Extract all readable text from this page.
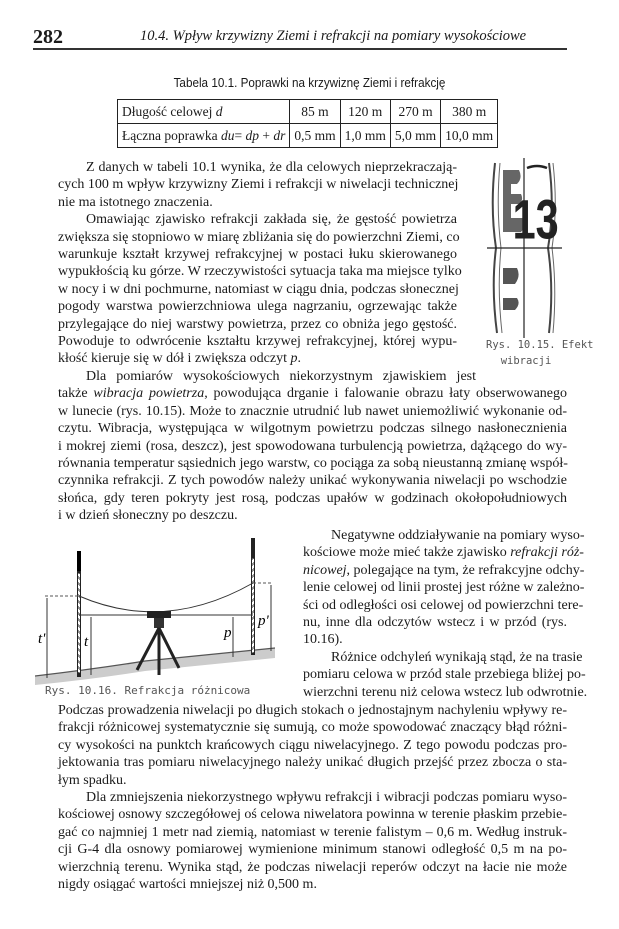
282	10.4. Wpływ krzywizny Ziemi i refrakcji na pomiary wysokościowe
Tabela 10.1. Poprawki na krzywiznę Ziemi i refrakcję
Długość celowej d	85 m	120 m	270 m	380 m
Łączna poprawka du= dp + dr	0,5 mm	1,0 mm	5,0 mm	10,0 mm
Z danych w tabeli 10.1 wynika, że dla celowych nieprzekraczają-
cych 100 m wpływ krzywizny Ziemi i refrakcji w niwelacji technicznej
nie ma istotnego znaczenia.
Omawiając zjawisko refrakcji zakłada się, że gęstość powietrza
zwiększa się stopniowo w miarę zbliżania się do powierzchni Ziemi, co
warunkuje kształt krzywej refrakcyjnej w postaci łuku skierowanego
wypukłością ku górze. W rzeczywistości sytuacja taka ma miejsce tylko
w nocy i w dni pochmurne, natomiast w ciągu dnia, podczas słonecznej
pogody warstwa powierzchniowa ulega nagrzaniu, ogrzewając także
przylegające do niej warstwy powietrza, przez co obniża jego gęstość.
Powoduje to odwrócenie kształtu krzywej refrakcyjnej, której wypu-
kłość kieruje się w dół i zwiększa odczyt p.
13
Rys. 10.15. Efekt
wibracji
Dla pomiarów wysokościowych niekorzystnym zjawiskiem jest
także wibracja powietrza, powodująca drganie i falowanie obrazu łaty obserwowanego
w lunecie (rys. 10.15). Może to znacznie utrudnić lub nawet uniemożliwić wykonanie od-
czytu. Wibracja, występująca w wilgotnym powietrzu podczas silnego nasłonecznienia
i mokrej ziemi (rosa, deszcz), jest spowodowana turbulencją powietrza, dążącego do wy-
równania temperatur sąsiednich jego warstw, co pociąga za sobą nieustanną zmianę współ-
czynnika refrakcji. Z tych powodów należy unikać wykonywania niwelacji po wschodzie
słońca, gdy teren pokryty jest rosą, podczas upałów w godzinach okołopołudniowych
i w dzień słoneczny po deszczu.
t'	t
p
p'
Rys. 10.16. Refrakcja różnicowa
Negatywne oddziaływanie na pomiary wyso-
kościowe może mieć także zjawisko refrakcji róż-
nicowej, polegające na tym, że refrakcyjne odchy-
lenie celowej od linii prostej jest różne w zależno-
ści od odległości osi celowej od powierzchni tere-
nu, inne dla odczytów wstecz i w przód (rys.
10.16).
Różnice odchyleń wynikają stąd, że na trasie
pomiaru celowa w przód stale przebiega bliżej po-
wierzchni terenu niż celowa wstecz lub odwrotnie.
Podczas prowadzenia niwelacji po długich stokach o jednostajnym nachyleniu wpływy re-
frakcji różnicowej systematycznie się sumują, co może spowodować znaczący błąd różni-
cy wysokości na punktch krańcowych ciągu niwelacyjnego. Z tego powodu podczas pro-
jektowania tras pomiaru niwelacyjnego należy unikać długich przejść przez zbocza o sta-
łym spadku.
Dla zmniejszenia niekorzystnego wpływu refrakcji i wibracji podczas pomiaru wyso-
kościowej osnowy szczegółowej oś celowa niwelatora powinna w terenie płaskim przebie-
gać co najmniej 1 metr nad ziemią, natomiast w terenie falistym – 0,6 m. Według instruk-
cji G-4 dla osnowy pomiarowej wymienione minimum stanowi odległość 0,5 m na po-
wierzchnią terenu. Wynika stąd, że podczas niwelacji reperów odczyt na łacie nie może
nigdy osiągać wartości mniejszej niż 0,500 m.
